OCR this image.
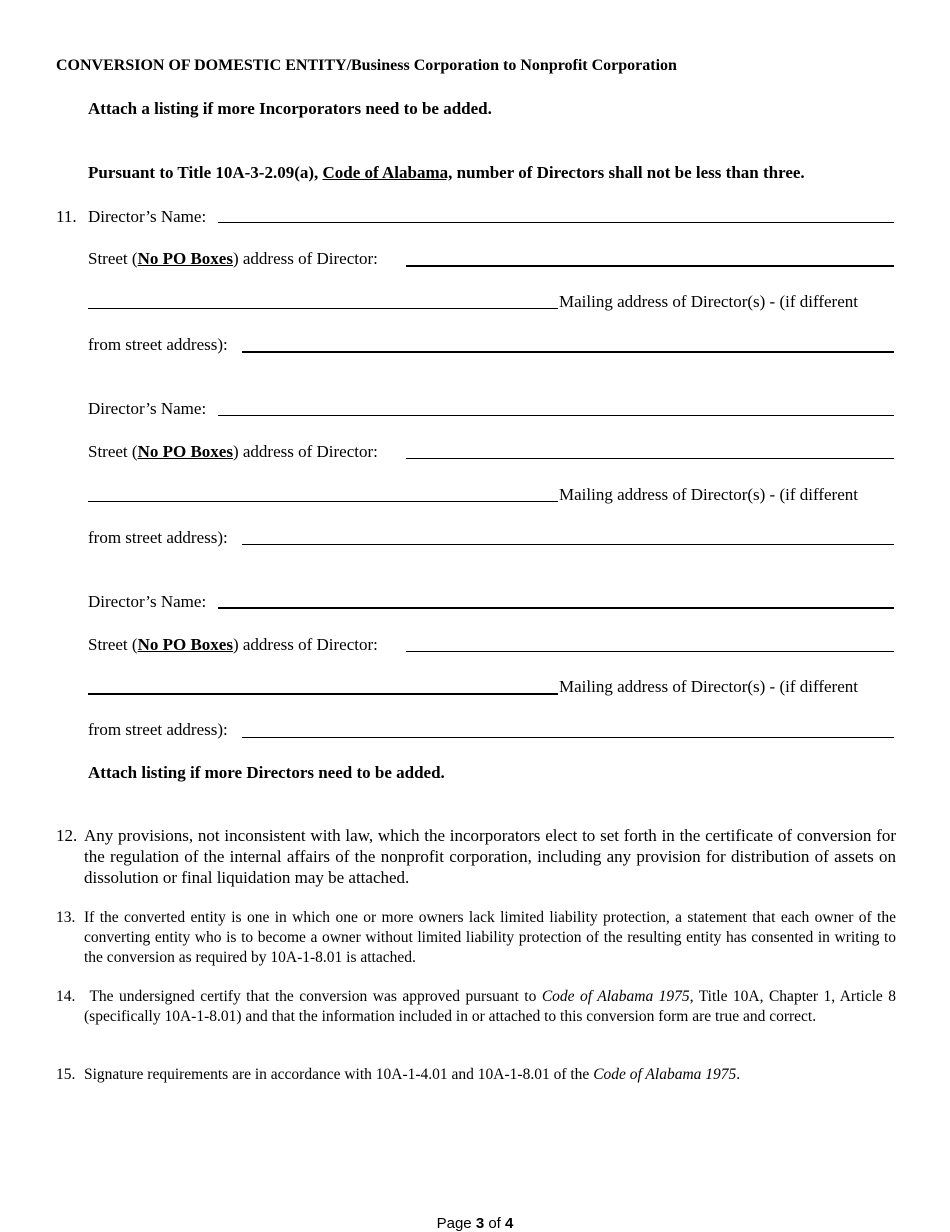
CONVERSION OF DOMESTIC ENTITY/Business Corporation to Nonprofit Corporation
Attach a listing if more Incorporators need to be added.
Pursuant to Title 10A-3-2.09(a), Code of Alabama, number of Directors shall not be less than three.
11. Director’s Name:
Street (No PO Boxes) address of Director:
Mailing address of Director(s) - (if different
from street address):
Director’s Name:
Street (No PO Boxes) address of Director:
Mailing address of Director(s) - (if different
from street address):
Director’s Name:
Street (No PO Boxes) address of Director:
Mailing address of Director(s) - (if different
from street address):
Attach listing if more Directors need to be added.
12. Any provisions, not inconsistent with law, which the incorporators elect to set forth in the certificate of conversion for the regulation of the internal affairs of the nonprofit corporation, including any provision for distribution of assets on dissolution or final liquidation may be attached.
13. If the converted entity is one in which one or more owners lack limited liability protection, a statement that each owner of the converting entity who is to become a owner without limited liability protection of the resulting entity has consented in writing to the conversion as required by 10A-1-8.01 is attached.
14. The undersigned certify that the conversion was approved pursuant to Code of Alabama 1975, Title 10A, Chapter 1, Article 8 (specifically 10A-1-8.01) and that the information included in or attached to this conversion form are true and correct.
15. Signature requirements are in accordance with 10A-1-4.01 and 10A-1-8.01 of the Code of Alabama 1975.
Page 3 of 4
